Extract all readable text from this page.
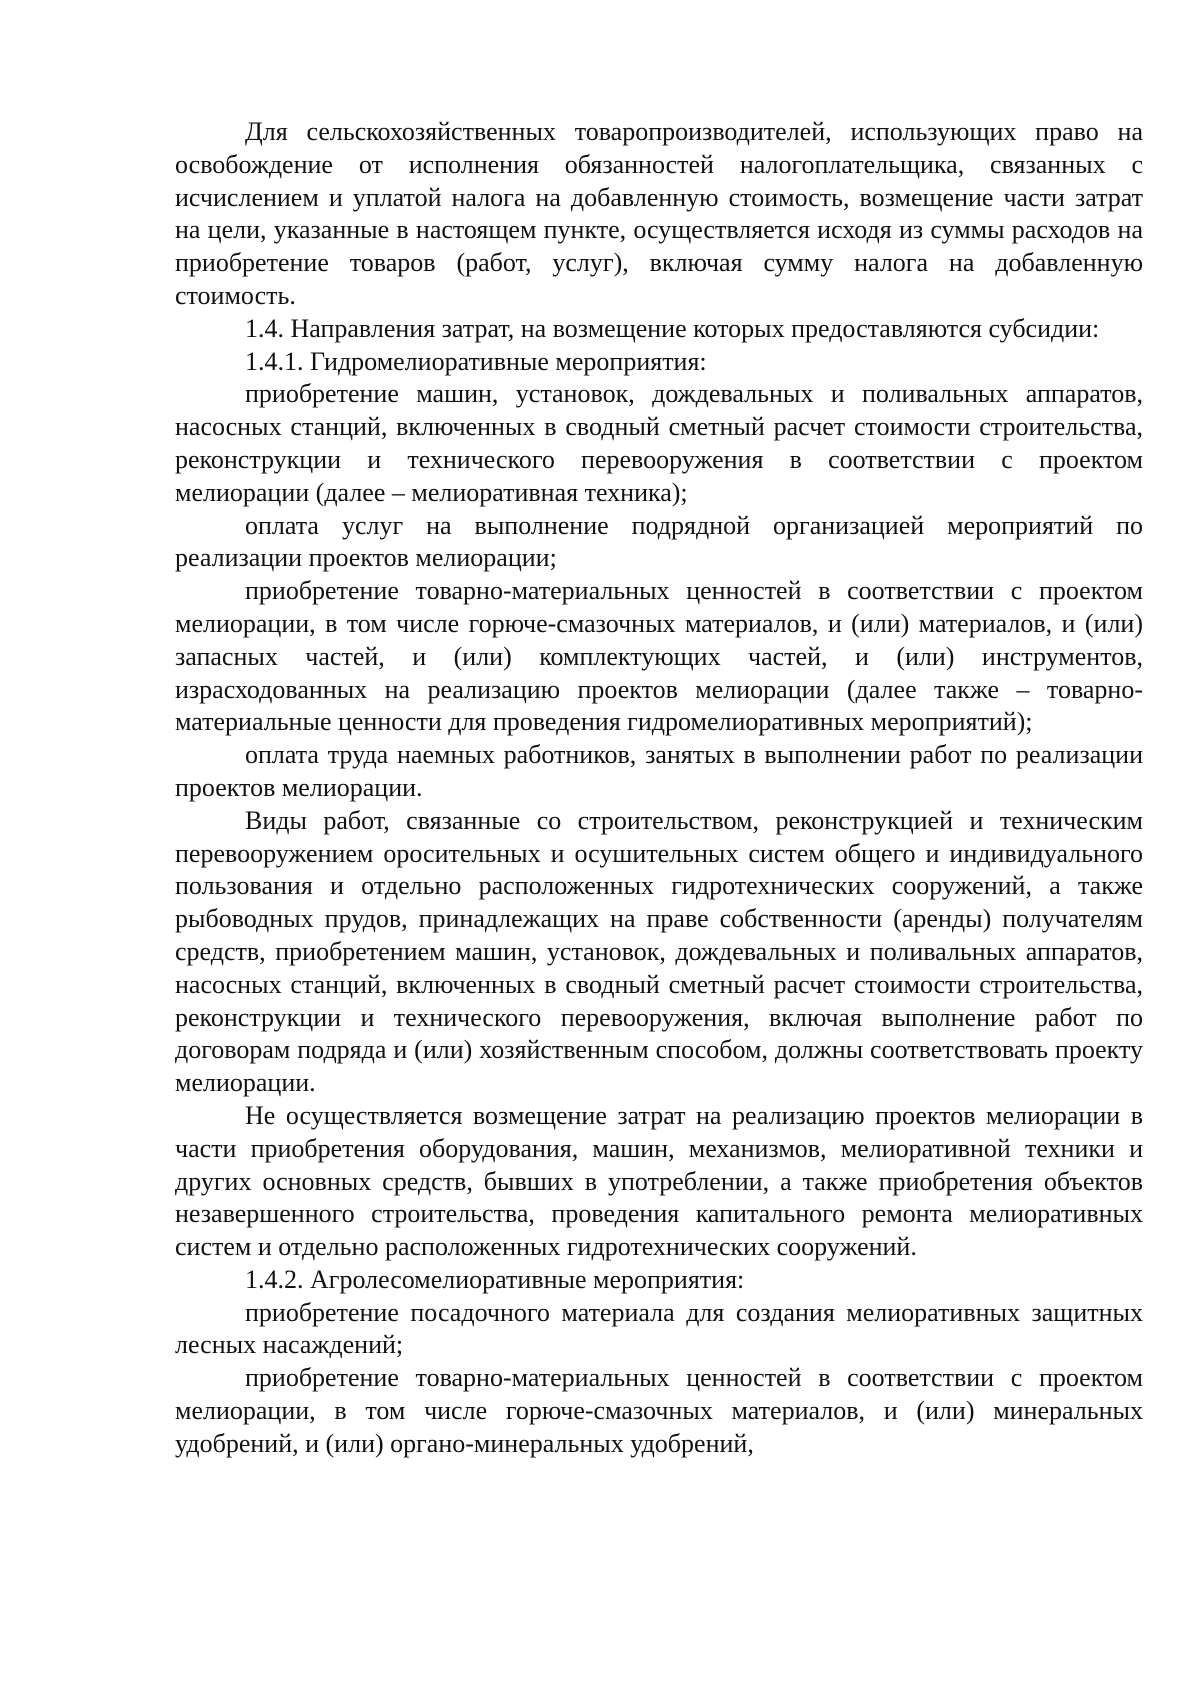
Для сельскохозяйственных товаропроизводителей, использующих право на освобождение от исполнения обязанностей налогоплательщика, связанных с исчислением и уплатой налога на добавленную стоимость, возмещение части затрат на цели, указанные в настоящем пункте, осуществляется исходя из суммы расходов на приобретение товаров (работ, услуг), включая сумму налога на добавленную стоимость.

1.4. Направления затрат, на возмещение которых предоставляются субсидии:

1.4.1. Гидромелиоративные мероприятия:

приобретение машин, установок, дождевальных и поливальных аппаратов, насосных станций, включенных в сводный сметный расчет стоимости строительства, реконструкции и технического перевооружения в соответствии с проектом мелиорации (далее – мелиоративная техника);

оплата услуг на выполнение подрядной организацией мероприятий по реализации проектов мелиорации;

приобретение товарно-материальных ценностей в соответствии с проектом мелиорации, в том числе горюче-смазочных материалов, и (или) материалов, и (или) запасных частей, и (или) комплектующих частей, и (или) инструментов, израсходованных на реализацию проектов мелиорации (далее также – товарно-материальные ценности для проведения гидромелиоративных мероприятий);

оплата труда наемных работников, занятых в выполнении работ по реализации проектов мелиорации.

Виды работ, связанные со строительством, реконструкцией и техническим перевооружением оросительных и осушительных систем общего и индивидуального пользования и отдельно расположенных гидротехнических сооружений, а также рыбоводных прудов, принадлежащих на праве собственности (аренды) получателям средств, приобретением машин, установок, дождевальных и поливальных аппаратов, насосных станций, включенных в сводный сметный расчет стоимости строительства, реконструкции и технического перевооружения, включая выполнение работ по договорам подряда и (или) хозяйственным способом, должны соответствовать проекту мелиорации.

Не осуществляется возмещение затрат на реализацию проектов мелиорации в части приобретения оборудования, машин, механизмов, мелиоративной техники и других основных средств, бывших в употреблении, а также приобретения объектов незавершенного строительства, проведения капитального ремонта мелиоративных систем и отдельно расположенных гидротехнических сооружений.

1.4.2. Агролесомелиоративные мероприятия:

приобретение посадочного материала для создания мелиоративных защитных лесных насаждений;

приобретение товарно-материальных ценностей в соответствии с проектом мелиорации, в том числе горюче-смазочных материалов, и (или) минеральных удобрений, и (или) органо-минеральных удобрений,
